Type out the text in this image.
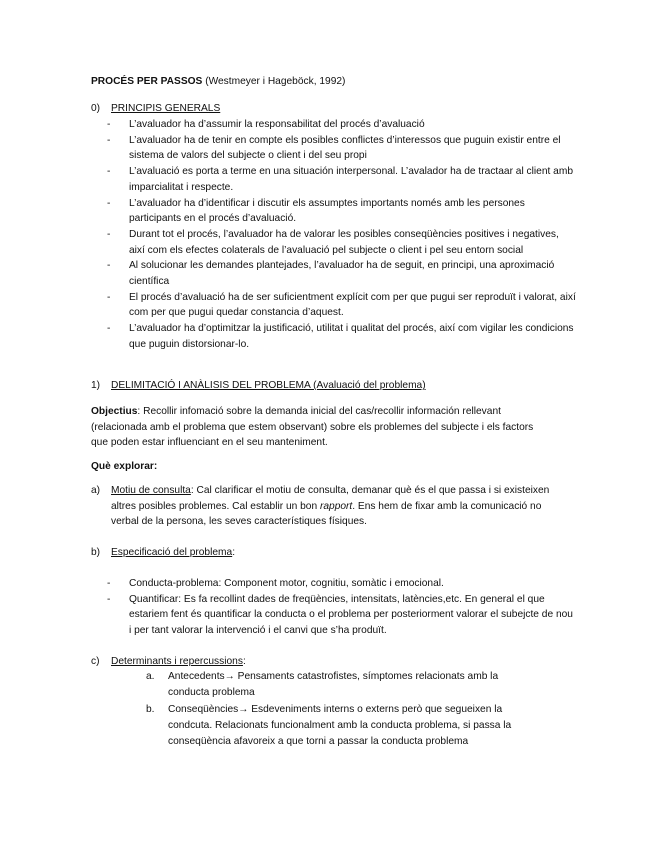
PROCÉS PER PASSOS (Westmeyer i Hageböck, 1992)
0)	PRINCIPIS GENERALS
-	L’avaluador ha d’assumir la responsabilitat del procés d’avaluació
-	L’avaluador ha de tenir en compte els posibles conflictes d’interessos que puguin existir entre el sistema de valors del subjecte o client i del seu propi
-	L’avaluació es porta a terme en una situación interpersonal. L’avalador ha de tractaar al client amb imparcialitat i respecte.
-	L’avaluador ha d’identificar i discutir els assumptes importants només amb les persones participants en el procés d’avaluació.
-	Durant tot el procés, l’avaluador ha de valorar les posibles conseqüències positives i negatives, així com els efectes colaterals de l’avaluació pel subjecte o client i pel seu entorn social
-	Al solucionar les demandes plantejades, l’avaluador ha de seguit, en principi, una aproximació científica
-	El procés d’avaluació ha de ser suficientment explícit com per que pugui ser reproduït i valorat, així com per que pugui quedar constancia d’aquest.
-	L’avaluador ha d’optimitzar la justificació, utilitat i qualitat del procés, així com vigilar les condicions que puguin distorsionar-lo.
1)	DELIMITACIÓ I ANÀLISIS DEL PROBLEMA (Avaluació del problema)
Objectius: Recollir infomació sobre la demanda inicial del cas/recollir información rellevant (relacionada amb el problema que estem observant) sobre els problemes del subjecte i els factors que poden estar influenciant en el seu manteniment.
Què explorar:
a)	Motiu de consulta: Cal clarificar el motiu de consulta, demanar què és el que passa i si existeixen altres posibles problemes. Cal establir un bon rapport. Ens hem de fixar amb la comunicació no verbal de la persona, les seves característiques físiques.
b)	Especificació del problema:
-	Conducta-problema: Component motor, cognitiu, somàtic i emocional.
-	Quantificar: Es fa recollint dades de freqüències, intensitats, latències,etc. En general el que estariem fent és quantificar la conducta o el problema per posteriorment valorar el subejcte de nou i per tant valorar la intervenció i el canvi que s’ha produït.
c)	Determinants i repercussions:
a.	Antecedents→ Pensaments catastrofistes, símptomes relacionats amb la conducta problema
b.	Conseqüències→ Esdeveniments interns o externs però que segueixen la condcuta. Relacionats funcionalment amb la conducta problema, si passa la conseqüència afavoreix a que torni a passar la conducta problema
